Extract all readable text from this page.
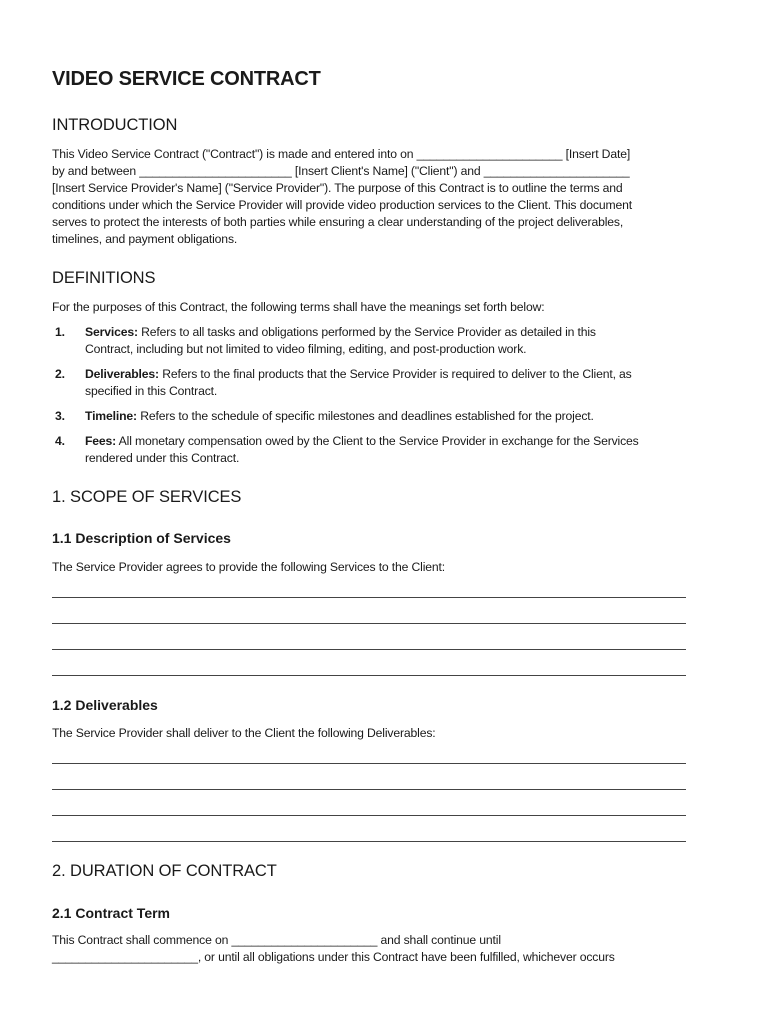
VIDEO SERVICE CONTRACT
INTRODUCTION

This Video Service Contract ("Contract") is made and entered into on ______________________ [Insert Date]
by and between _______________________ [Insert Client's Name] ("Client") and ______________________
[Insert Service Provider's Name] ("Service Provider"). The purpose of this Contract is to outline the terms and
conditions under which the Service Provider will provide video production services to the Client. This document
serves to protect the interests of both parties while ensuring a clear understanding of the project deliverables,
timelines, and payment obligations.

DEFINITIONS

For the purposes of this Contract, the following terms shall have the meanings set forth below:

1. Services: Refers to all tasks and obligations performed by the Service Provider as detailed in this
Contract, including but not limited to video filming, editing, and post-production work.
2. Deliverables: Refers to the final products that the Service Provider is required to deliver to the Client, as
specified in this Contract.
3. Timeline: Refers to the schedule of specific milestones and deadlines established for the project.
4. Fees: All monetary compensation owed by the Client to the Service Provider in exchange for the Services
rendered under this Contract.
1. SCOPE OF SERVICES
1.1 Description of Services

The Service Provider agrees to provide the following Services to the Client:

1.2 Deliverables

The Service Provider shall deliver to the Client the following Deliverables:

2. DURATION OF CONTRACT
2.1 Contract Term

This Contract shall commence on ______________________ and shall continue until
______________________, or until all obligations under this Contract have been fulfilled, whichever occurs
